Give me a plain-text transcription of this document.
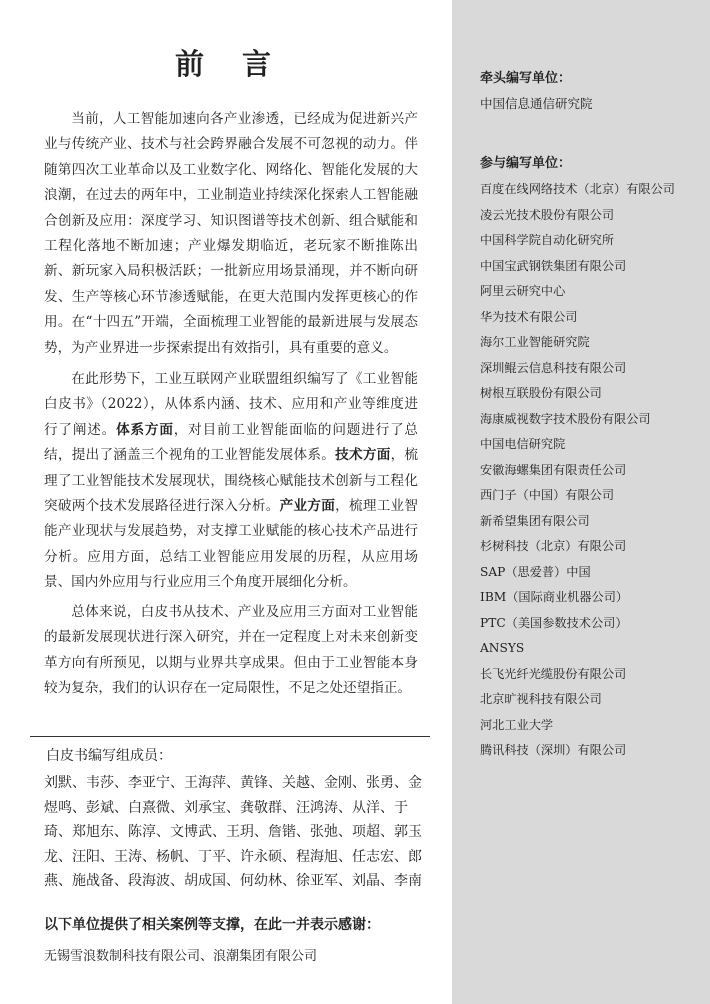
前 言

当前，人工智能加速向各产业渗透，已经成为促进新兴产业与传统产业、技术与社会跨界融合发展不可忽视的动力。伴随第四次工业革命以及工业数字化、网络化、智能化发展的大浪潮，在过去的两年中，工业制造业持续深化探索人工智能融合创新及应用：深度学习、知识图谱等技术创新、组合赋能和工程化落地不断加速；产业爆发期临近，老玩家不断推陈出新、新玩家入局积极活跃；一批新应用场景涌现，并不断向研发、生产等核心环节渗透赋能，在更大范围内发挥更核心的作用。在“十四五”开端，全面梳理工业智能的最新进展与发展态势，为产业界进一步探索提出有效指引，具有重要的意义。

在此形势下，工业互联网产业联盟组织编写了《工业智能白皮书》（2022），从体系内涵、技术、应用和产业等维度进行了阐述。体系方面，对目前工业智能面临的问题进行了总结，提出了涵盖三个视角的工业智能发展体系。技术方面，梳理了工业智能技术发展现状，围绕核心赋能技术创新与工程化突破两个技术发展路径进行深入分析。产业方面，梳理工业智能产业现状与发展趋势，对支撑工业赋能的核心技术产品进行分析。应用方面，总结工业智能应用发展的历程，从应用场景、国内外应用与行业应用三个角度开展细化分析。

总体来说，白皮书从技术、产业及应用三方面对工业智能的最新发展现状进行深入研究，并在一定程度上对未来创新变革方向有所预见，以期与业界共享成果。但由于工业智能本身较为复杂，我们的认识存在一定局限性，不足之处还望指正。

白皮书编写组成员：

刘默、韦莎、李亚宁、王海萍、黄锋、关越、金刚、张勇、金煜鸣、彭斌、白熹微、刘承宝、龚敬群、汪鸿涛、从洋、于琦、郑旭东、陈淳、文博武、王玥、詹锴、张弛、项超、郭玉龙、汪阳、王涛、杨帆、丁平、许永硕、程海旭、任志宏、郎燕、施战备、段海波、胡成国、何幼林、徐亚军、刘晶、李南

以下单位提供了相关案例等支撑，在此一并表示感谢：

无锡雪浪数制科技有限公司、浪潮集团有限公司

牵头编写单位：

中国信息通信研究院

参与编写单位：
百度在线网络技术（北京）有限公司
凌云光技术股份有限公司
中国科学院自动化研究所
中国宝武钢铁集团有限公司
阿里云研究中心
华为技术有限公司
海尔工业智能研究院
深圳鲲云信息科技有限公司
树根互联股份有限公司
海康威视数字技术股份有限公司
中国电信研究院
安徽海螺集团有限责任公司
西门子（中国）有限公司
新希望集团有限公司
杉树科技（北京）有限公司
SAP（思爱普）中国
IBM（国际商业机器公司）
PTC（美国参数技术公司）
ANSYS
长飞光纤光缆股份有限公司
北京旷视科技有限公司
河北工业大学
腾讯科技（深圳）有限公司
